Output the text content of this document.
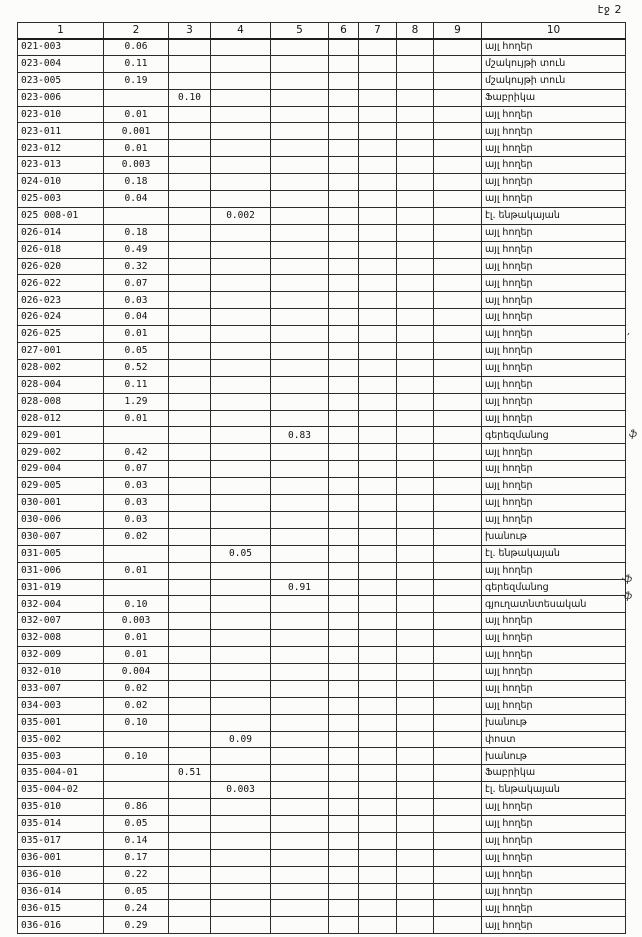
էջ 2
1	2	3	4	5	6	7	8	9	10
021-003	0.06								այլ հողեր
023-004	0.11								մշակույթի տուն
023-005	0.19								մշակույթի տուն
023-006		0.10							Ֆաբրիկա
023-010	0.01								այլ հողեր
023-011	0.001								այլ հողեր
023-012	0.01								այլ հողեր
023-013	0.003								այլ հողեր
024-010	0.18								այլ հողեր
025-003	0.04								այլ հողեր
025 008-01			0.002						էլ. ենթակայան
026-014	0.18								այլ հողեր
026-018	0.49								այլ հողեր
026-020	0.32								այլ հողեր
026-022	0.07								այլ հողեր
026-023	0.03								այլ հողեր
026-024	0.04								այլ հողեր
026-025	0.01								այլ հողեր
027-001	0.05								այլ հողեր
028-002	0.52								այլ հողեր
028-004	0.11								այլ հողեր
028-008	1.29								այլ հողեր
028-012	0.01								այլ հողեր
029-001				0.83					գերեզմանոց
029-002	0.42								այլ հողեր
029-004	0.07								այլ հողեր
029-005	0.03								այլ հողեր
030-001	0.03								այլ հողեր
030-006	0.03								այլ հողեր
030-007	0.02								խանութ
031-005			0.05						էլ. ենթակայան
031-006	0.01								այլ հողեր
031-019				0.91					գերեզմանոց
032-004	0.10								գյուղատնտեսական
032-007	0.003								այլ հողեր
032-008	0.01								այլ հողեր
032-009	0.01								այլ հողեր
032-010	0.004								այլ հողեր
033-007	0.02								այլ հողեր
034-003	0.02								այլ հողեր
035-001	0.10								խանութ
035-002			0.09						փոստ
035-003	0.10								խանութ
035-004-01		0.51							Ֆաբրիկա
035-004-02			0.003						էլ. ենթակայան
035-010	0.86								այլ հողեր
035-014	0.05								այլ հողեր
035-017	0.14								այլ հողեր
036-001	0.17								այլ հողեր
036-010	0.22								այլ հողեր
036-014	0.05								այլ հողեր
036-015	0.24								այլ հողեր
036-016	0.29								այլ հողեր
’
ֆ
·ֆ
·ֆ
